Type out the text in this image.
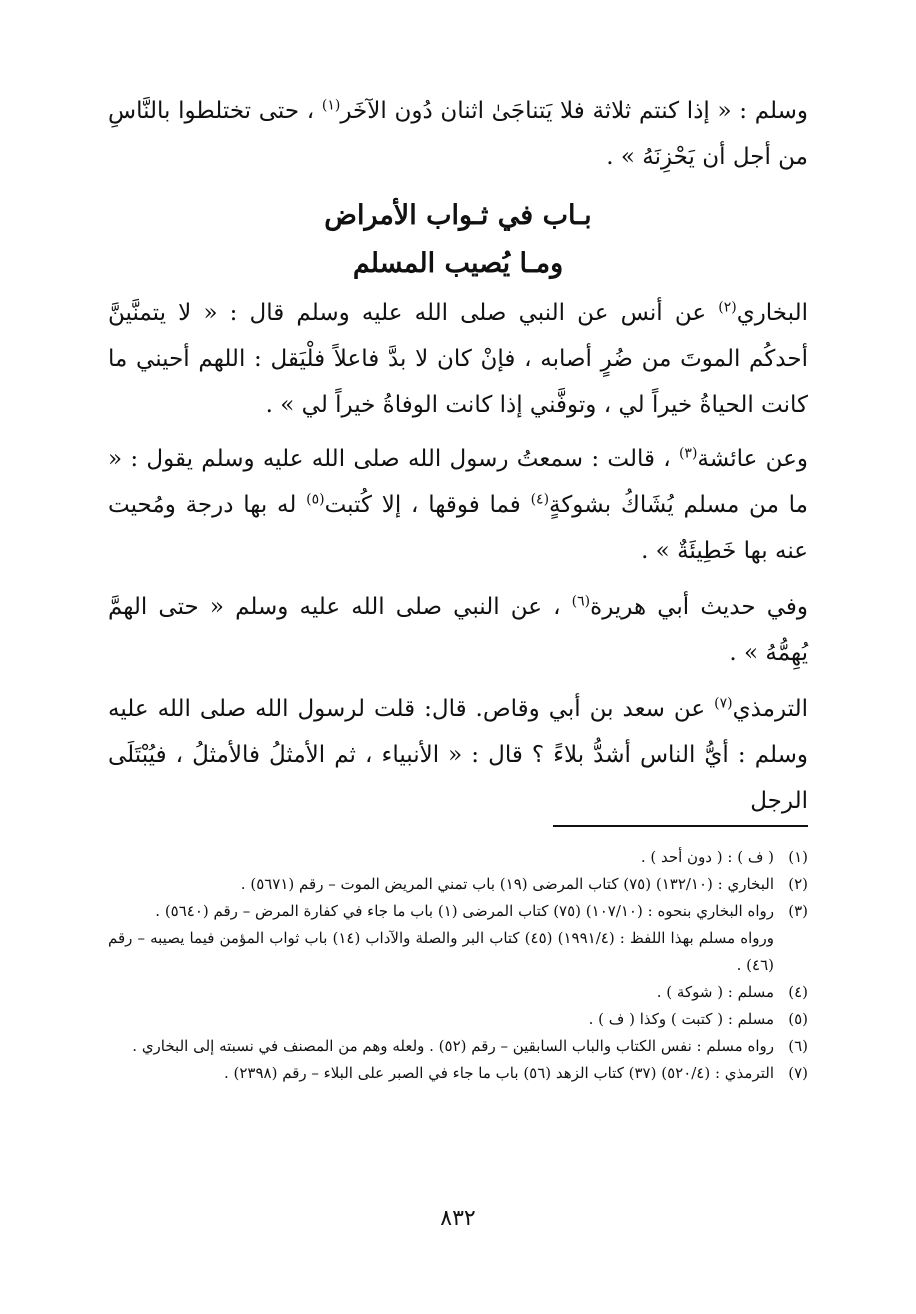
وسلم : « إذا كنتم ثلاثة فلا يَتناجَىٰ اثنان دُون الآخَر$^{(١)}$ ، حتى تختلطوا بالنَّاسِ من أجل أن يَحْزِنَهُ » .

بـاب في ثـواب الأمراض
ومـا يُصيب المسلم

البخاري$^{(٢)}$ عن أنس عن النبي صلى الله عليه وسلم قال : « لا يتمنَّينَّ أحدكُم الموتَ من ضُرٍ أصابه ، فإنْ كان لا بدَّ فاعلاً فلْيَقل : اللهم أحيني ما كانت الحياةُ خيراً لي ، وتوفَّني إذا كانت الوفاةُ خيراً لي » .

وعن عائشة$^{(٣)}$ ، قالت : سمعتُ رسول الله صلى الله عليه وسلم يقول : « ما من مسلم يُشَاكُ بشوكةٍ$^{(٤)}$ فما فوقها ، إلا كُتبت$^{(٥)}$ له بها درجة ومُحيت عنه بها خَطِيئَةٌ » .

وفي حديث أبي هريرة$^{(٦)}$ ، عن النبي صلى الله عليه وسلم « حتى الهمَّ يُهِمُّهُ » .

الترمذي$^{(٧)}$ عن سعد بن أبي وقاص. قال: قلت لرسول الله صلى الله عليه وسلم : أيُّ الناس أشدُّ بلاءً ؟ قال : « الأنبياء ، ثم الأمثلُ فالأمثلُ ، فيُبْتَلَى الرجل

(١)
( ف ) : ( دون أحد ) .
(٢)
البخاري : (١٣٢/١٠) (٧٥) كتاب المرضى (١٩) باب تمني المريض الموت – رقم (٥٦٧١) .
(٣)
رواه البخاري بنحوه : (١٠٧/١٠) (٧٥) كتاب المرضى (١) باب ما جاء في كفارة المرض – رقم (٥٦٤٠) .
ورواه مسلم بهذا اللفظ : (١٩٩١/٤) (٤٥) كتاب البر والصلة والآداب (١٤) باب ثواب المؤمن فيما يصيبه – رقم (٤٦) .
(٤)
مسلم : ( شوكة ) .
(٥)
مسلم : ( كتبت ) وكذا ( ف ) .
(٦)
رواه مسلم : نفس الكتاب والباب السابقين – رقم (٥٢) . ولعله وهم من المصنف في نسبته إلى البخاري .
(٧)
الترمذي : (٥٢٠/٤) (٣٧) كتاب الزهد (٥٦) باب ما جاء في الصبر على البلاء – رقم (٢٣٩٨) .
٨٣٢
